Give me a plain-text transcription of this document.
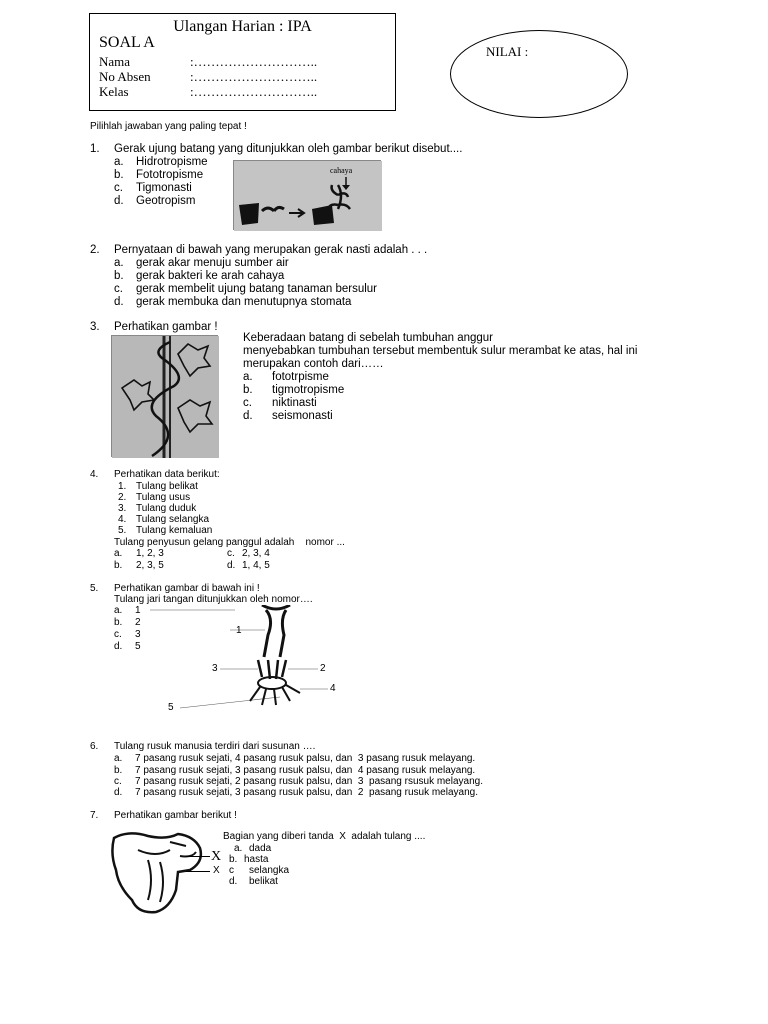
Ulangan Harian : IPA
SOAL A
Nama	:………………………..
No Absen	:………………………..
Kelas	:………………………..
NILAI :
Pilihlah jawaban yang paling tepat !
1. Gerak ujung batang yang ditunjukkan oleh gambar berikut disebut....
a. Hidrotropisme
b. Fototropisme
c. Tigmonasti
d. Geotropism
cahaya
2. Pernyataan di bawah yang merupakan gerak nasti adalah . . .
a. gerak akar menuju sumber air
b. gerak bakteri ke arah cahaya
c. gerak membelit ujung batang tanaman bersulur
d. gerak membuka dan menutupnya stomata
3. Perhatikan gambar !
Keberadaan batang di sebelah tumbuhan anggur
menyebabkan tumbuhan tersebut membentuk sulur merambat ke atas, hal ini
merupakan contoh dari……
a. fototrpisme
b. tigmotropisme
c. niktinasti
d. seismonasti
4. Perhatikan data berikut:
1. Tulang belikat
2. Tulang usus
3. Tulang duduk
4. Tulang selangka
5. Tulang kemaluan
Tulang penyusun gelang panggul adalah    nomor ...
a. 1, 2, 3	c. 2, 3, 4
b. 2, 3, 5	d. 1, 4, 5
5. Perhatikan gambar di bawah ini !
Tulang jari tangan ditunjukkan oleh nomor….
a. 1
b. 2
c. 3
d. 5
1
2
3
4
5
6. Tulang rusuk manusia terdiri dari susunan ….
a. 7 pasang rusuk sejati, 4 pasang rusuk palsu, dan  3 pasang rusuk melayang.
b. 7 pasang rusuk sejati, 3 pasang rusuk palsu, dan  4 pasang rusuk melayang.
c. 7 pasang rusuk sejati, 2 pasang rusuk palsu, dan  3  pasang rsusuk melayang.
d. 7 pasang rusuk sejati, 3 pasang rusuk palsu, dan  2  pasang rusuk melayang.
7. Perhatikan gambar berikut !
X
X
Bagian yang diberi tanda  X  adalah tulang ....
a. dada
b. hasta
c selangka
d. belikat
